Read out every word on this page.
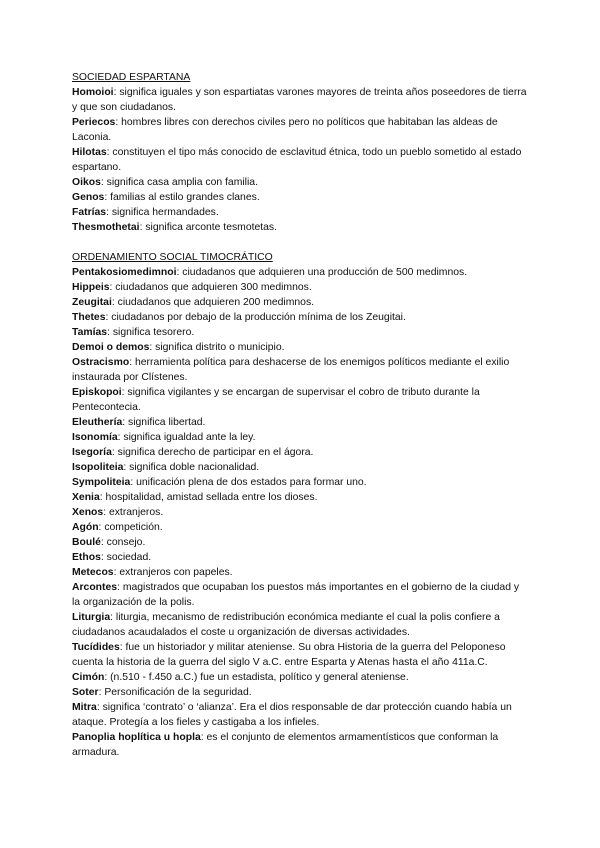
SOCIEDAD ESPARTANA

Homoioi: significa iguales y son espartiatas varones mayores de treinta años poseedores de tierra y que son ciudadanos.

Periecos: hombres libres con derechos civiles pero no políticos que habitaban las aldeas de Laconia.

Hilotas: constituyen el tipo más conocido de esclavitud étnica, todo un pueblo sometido al estado espartano.

Oikos: significa casa amplia con familia.

Genos: familias al estilo grandes clanes.

Fatrías: significa hermandades.

Thesmothetai: significa arconte tesmotetas.

ORDENAMIENTO SOCIAL TIMOCRÁTICO

Pentakosiomedimnoi: ciudadanos que adquieren una producción de 500 medimnos.

Hippeis: ciudadanos que adquieren 300 medimnos.

Zeugitai: ciudadanos que adquieren 200 medimnos.

Thetes: ciudadanos por debajo de la producción mínima de los Zeugitai.

Tamías: significa tesorero.

Demoi o demos: significa distrito o municipio.

Ostracismo: herramienta política para deshacerse de los enemigos políticos mediante el exilio instaurada por Clístenes.

Episkopoi: significa vigilantes y se encargan de supervisar el cobro de tributo durante la Pentecontecia.

Eleuthería: significa libertad.

Isonomía: significa igualdad ante la ley.

Isegoría: significa derecho de participar en el ágora.

Isopoliteia: significa doble nacionalidad.

Sympoliteia: unificación plena de dos estados para formar uno.

Xenia: hospitalidad, amistad sellada entre los dioses.

Xenos: extranjeros.

Agón: competición.

Boulé: consejo.

Ethos: sociedad.

Metecos: extranjeros con papeles.

Arcontes: magistrados que ocupaban los puestos más importantes en el gobierno de la ciudad y la organización de la polis.

Liturgia: liturgia, mecanismo de redistribución económica mediante el cual la polis confiere a ciudadanos acaudalados el coste u organización de diversas actividades.

Tucídides: fue un historiador y militar ateniense. Su obra Historia de la guerra del Peloponeso cuenta la historia de la guerra del siglo V a.C. entre Esparta y Atenas hasta el año 411a.C.

Cimón: (n.510 - f.450 a.C.) fue un estadista, político y general ateniense.

Soter: Personificación de la seguridad.

Mitra: significa ‘contrato’ o ‘alianza’. Era el dios responsable de dar protección cuando había un ataque. Protegía a los fieles y castigaba a los infieles.

Panoplia hoplítica u hopla: es el conjunto de elementos armamentísticos que conforman la armadura.
